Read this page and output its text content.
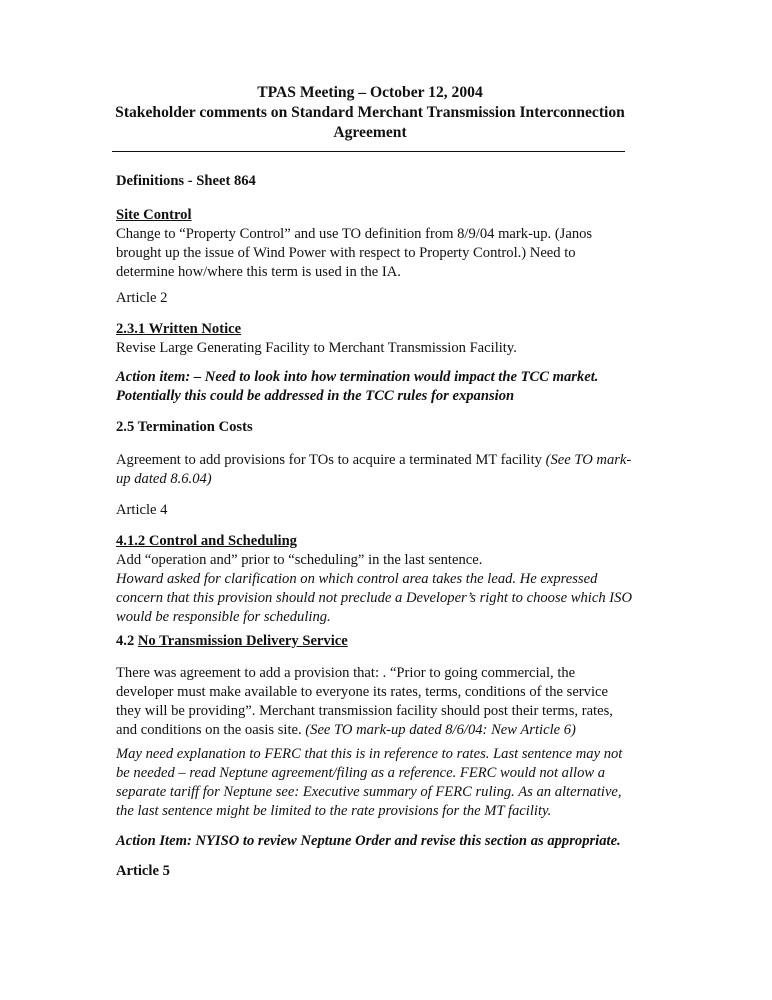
TPAS Meeting – October 12, 2004
Stakeholder comments on Standard Merchant Transmission Interconnection
Agreement

Definitions - Sheet 864

Site Control

Change to “Property Control” and use TO definition from 8/9/04 mark-up. (Janos brought up the issue of Wind Power with respect to Property Control.) Need to determine how/where this term is used in the IA.

Article 2

2.3.1 Written Notice

Revise Large Generating Facility to Merchant Transmission Facility.

Action item: – Need to look into how termination would impact the TCC market. Potentially this could be addressed in the TCC rules for expansion

2.5 Termination Costs

Agreement to add provisions for TOs to acquire a terminated MT facility (See TO mark-up dated 8.6.04)

Article 4

4.1.2 Control and Scheduling

Add “operation and” prior to “scheduling” in the last sentence.

Howard asked for clarification on which control area takes the lead. He expressed concern that this provision should not preclude a Developer’s right to choose which ISO would be responsible for scheduling.

4.2 No Transmission Delivery Service

There was agreement to add a provision that: . “Prior to going commercial, the developer must make available to everyone its rates, terms, conditions of the service they will be providing”. Merchant transmission facility should post their terms, rates, and conditions on the oasis site. (See TO mark-up dated 8/6/04: New Article 6)

May need explanation to FERC that this is in reference to rates. Last sentence may not be needed – read Neptune agreement/filing as a reference. FERC would not allow a separate tariff for Neptune see: Executive summary of FERC ruling. As an alternative, the last sentence might be limited to the rate provisions for the MT facility.

Action Item: NYISO to review Neptune Order and revise this section as appropriate.

Article 5
